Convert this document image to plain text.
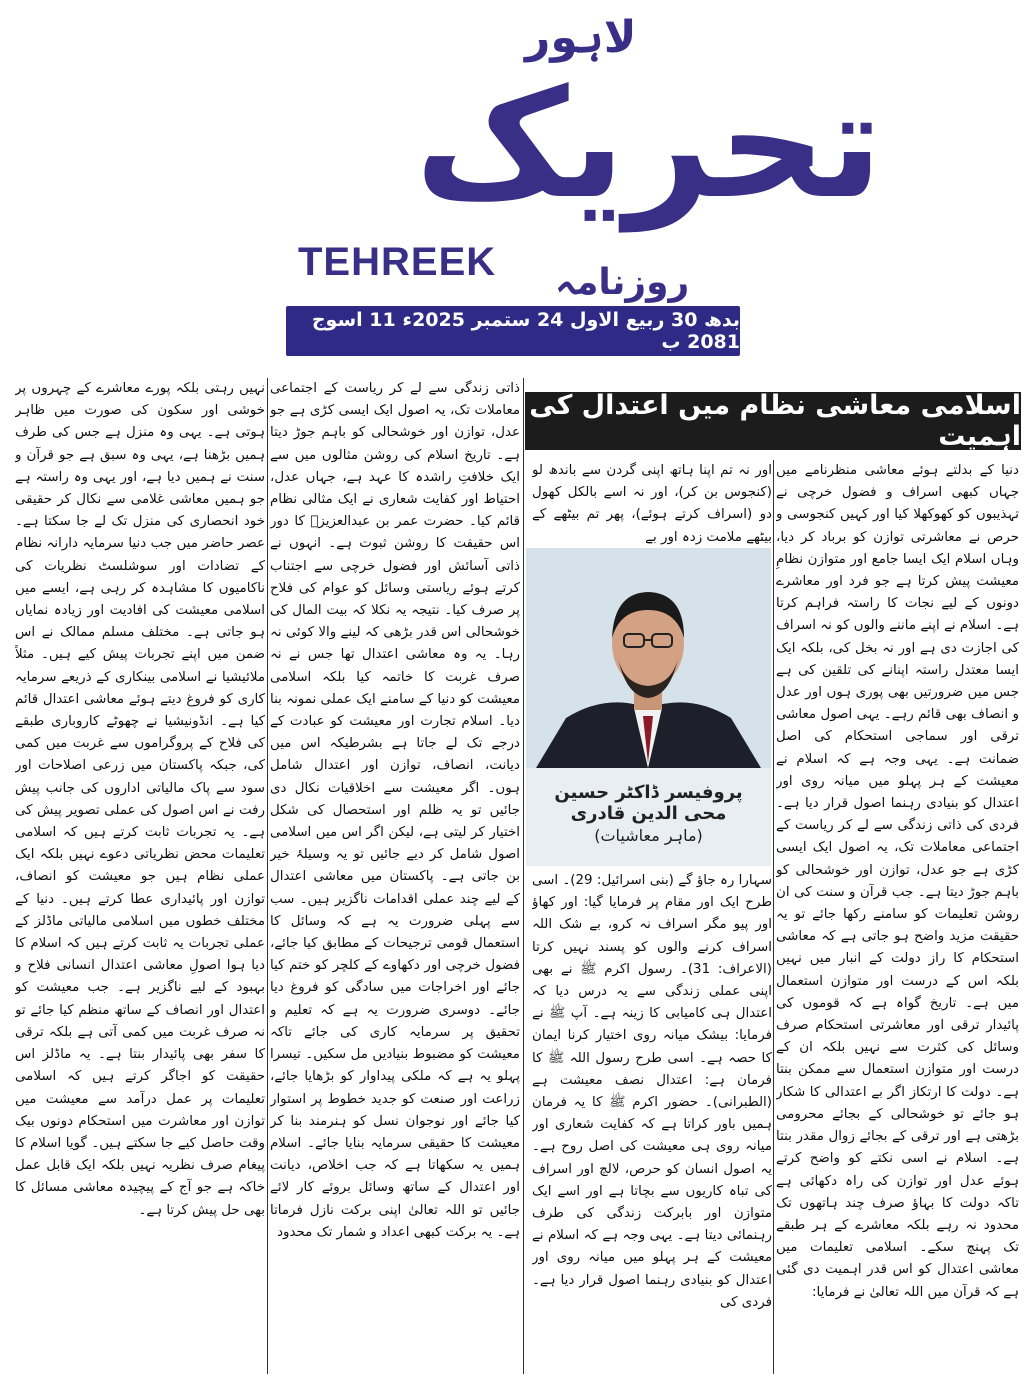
لاہور
تحریک
روزنامہ
TEHREEK
بدھ 30 ربیع الاول 24 ستمبر 2025ء 11 اسوج 2081 ب
اسلامی معاشی نظام میں اعتدال کی اہمیت

اور نہ تم اپنا ہاتھ اپنی گردن سے باندھ لو (کنجوس بن کر)، اور نہ اسے بالکل کھول دو (اسراف کرتے ہوئے)، پھر تم بیٹھے کے بیٹھے ملامت زدہ اور بے

پروفیسر ڈاکٹر حسین محی الدین قادری
(ماہر معاشیات)

دنیا کے بدلتے ہوئے معاشی منظرنامے میں جہاں کبھی اسراف و فضول خرچی نے تہذیبوں کو کھوکھلا کیا اور کہیں کنجوسی و حرص نے معاشرتی توازن کو برباد کر دیا، وہاں اسلام ایک ایسا جامع اور متوازن نظامِ معیشت پیش کرتا ہے جو فرد اور معاشرے دونوں کے لیے نجات کا راستہ فراہم کرتا ہے۔ اسلام نے اپنے ماننے والوں کو نہ اسراف کی اجازت دی ہے اور نہ بخل کی، بلکہ ایک ایسا معتدل راستہ اپنانے کی تلقین کی ہے جس میں ضرورتیں بھی پوری ہوں اور عدل و انصاف بھی قائم رہے۔ یہی اصول معاشی ترقی اور سماجی استحکام کی اصل ضمانت ہے۔ یہی وجہ ہے کہ اسلام نے معیشت کے ہر پہلو میں میانہ روی اور اعتدال کو بنیادی رہنما اصول قرار دیا ہے۔ فردی کی ذاتی زندگی سے لے کر ریاست کے اجتماعی معاملات تک، یہ اصول ایک ایسی کڑی ہے جو عدل، توازن اور خوشحالی کو باہم جوڑ دیتا ہے۔ جب قرآن و سنت کی ان روشن تعلیمات کو سامنے رکھا جائے تو یہ حقیقت مزید واضح ہو جاتی ہے کہ معاشی استحکام کا راز دولت کے انبار میں نہیں بلکہ اس کے درست اور متوازن استعمال میں ہے۔ تاریخ گواہ ہے کہ قوموں کی پائیدار ترقی اور معاشرتی استحکام صرف وسائل کی کثرت سے نہیں بلکہ ان کے درست اور متوازن استعمال سے ممکن بنتا ہے۔ دولت کا ارتکاز اگر بے اعتدالی کا شکار ہو جائے تو خوشحالی کے بجائے محرومی بڑھتی ہے اور ترقی کے بجائے زوال مقدر بنتا ہے۔ اسلام نے اسی نکتے کو واضح کرتے ہوئے عدل اور توازن کی راہ دکھائی ہے تاکہ دولت کا بہاؤ صرف چند ہاتھوں تک محدود نہ رہے بلکہ معاشرے کے ہر طبقے تک پہنچ سکے۔ اسلامی تعلیمات میں معاشی اعتدال کو اس قدر اہمیت دی گئی ہے کہ قرآن میں اللہ تعالیٰ نے فرمایا:

سہارا رہ جاؤ گے (بنی اسرائیل: 29)۔ اسی طرح ایک اور مقام پر فرمایا گیا: اور کھاؤ اور پیو مگر اسراف نہ کرو، بے شک اللہ اسراف کرنے والوں کو پسند نہیں کرتا (الاعراف: 31)۔ رسول اکرم ﷺ نے بھی اپنی عملی زندگی سے یہ درس دیا کہ اعتدال ہی کامیابی کا زینہ ہے۔ آپ ﷺ نے فرمایا: بیشک میانہ روی اختیار کرنا ایمان کا حصہ ہے۔ اسی طرح رسول اللہ ﷺ کا فرمان ہے: اعتدال نصف معیشت ہے (الطبرانی)۔ حضور اکرم ﷺ کا یہ فرمان ہمیں باور کراتا ہے کہ کفایت شعاری اور میانہ روی ہی معیشت کی اصل روح ہے۔ یہ اصول انسان کو حرص، لالچ اور اسراف کی تباہ کاریوں سے بچاتا ہے اور اسے ایک متوازن اور بابرکت زندگی کی طرف رہنمائی دیتا ہے۔ یہی وجہ ہے کہ اسلام نے معیشت کے ہر پہلو میں میانہ روی اور اعتدال کو بنیادی رہنما اصول قرار دیا ہے۔ فردی کی

ذاتی زندگی سے لے کر ریاست کے اجتماعی معاملات تک، یہ اصول ایک ایسی کڑی ہے جو عدل، توازن اور خوشحالی کو باہم جوڑ دیتا ہے۔ تاریخ اسلام کی روشن مثالوں میں سے ایک خلافتِ راشدہ کا عہد ہے، جہاں عدل، احتیاط اور کفایت شعاری نے ایک مثالی نظام قائم کیا۔ حضرت عمر بن عبدالعزیزؒ کا دور اس حقیقت کا روشن ثبوت ہے۔ انہوں نے ذاتی آسائش اور فضول خرچی سے اجتناب کرتے ہوئے ریاستی وسائل کو عوام کی فلاح پر صرف کیا۔ نتیجہ یہ نکلا کہ بیت المال کی خوشحالی اس قدر بڑھی کہ لینے والا کوئی نہ رہا۔ یہ وہ معاشی اعتدال تھا جس نے نہ صرف غربت کا خاتمہ کیا بلکہ اسلامی معیشت کو دنیا کے سامنے ایک عملی نمونہ بنا دیا۔ اسلام تجارت اور معیشت کو عبادت کے درجے تک لے جاتا ہے بشرطیکہ اس میں دیانت، انصاف، توازن اور اعتدال شامل ہوں۔ اگر معیشت سے اخلاقیات نکال دی جائیں تو یہ ظلم اور استحصال کی شکل اختیار کر لیتی ہے، لیکن اگر اس میں اسلامی اصول شامل کر دیے جائیں تو یہ وسیلۂ خیر بن جاتی ہے۔ پاکستان میں معاشی اعتدال کے لیے چند عملی اقدامات ناگزیر ہیں۔ سب سے پہلی ضرورت یہ ہے کہ وسائل کا استعمال قومی ترجیحات کے مطابق کیا جائے، فضول خرچی اور دکھاوے کے کلچر کو ختم کیا جائے اور اخراجات میں سادگی کو فروغ دیا جائے۔ دوسری ضرورت یہ ہے کہ تعلیم و تحقیق پر سرمایہ کاری کی جائے تاکہ معیشت کو مضبوط بنیادیں مل سکیں۔ تیسرا پہلو یہ ہے کہ ملکی پیداوار کو بڑھایا جائے، زراعت اور صنعت کو جدید خطوط پر استوار کیا جائے اور نوجوان نسل کو ہنرمند بنا کر معیشت کا حقیقی سرمایہ بنایا جائے۔ اسلام ہمیں یہ سکھاتا ہے کہ جب اخلاص، دیانت اور اعتدال کے ساتھ وسائل بروئے کار لائے جائیں تو اللہ تعالیٰ اپنی برکت نازل فرماتا ہے۔ یہ برکت کبھی اعداد و شمار تک محدود

نہیں رہتی بلکہ پورے معاشرے کے چہروں پر خوشی اور سکون کی صورت میں ظاہر ہوتی ہے۔ یہی وہ منزل ہے جس کی طرف ہمیں بڑھنا ہے، یہی وہ سبق ہے جو قرآن و سنت نے ہمیں دیا ہے، اور یہی وہ راستہ ہے جو ہمیں معاشی غلامی سے نکال کر حقیقی خود انحصاری کی منزل تک لے جا سکتا ہے۔ عصر حاضر میں جب دنیا سرمایہ دارانہ نظام کے تضادات اور سوشلسٹ نظریات کی ناکامیوں کا مشاہدہ کر رہی ہے، ایسے میں اسلامی معیشت کی افادیت اور زیادہ نمایاں ہو جاتی ہے۔ مختلف مسلم ممالک نے اس ضمن میں اپنے تجربات پیش کیے ہیں۔ مثلاً ملائیشیا نے اسلامی بینکاری کے ذریعے سرمایہ کاری کو فروغ دیتے ہوئے معاشی اعتدال قائم کیا ہے۔ انڈونیشیا نے چھوٹے کاروباری طبقے کی فلاح کے پروگراموں سے غربت میں کمی کی، جبکہ پاکستان میں زرعی اصلاحات اور سود سے پاک مالیاتی اداروں کی جانب پیش رفت نے اس اصول کی عملی تصویر پیش کی ہے۔ یہ تجربات ثابت کرتے ہیں کہ اسلامی تعلیمات محض نظریاتی دعوے نہیں بلکہ ایک عملی نظام ہیں جو معیشت کو انصاف، توازن اور پائیداری عطا کرتے ہیں۔ دنیا کے مختلف خطوں میں اسلامی مالیاتی ماڈلز کے عملی تجربات یہ ثابت کرتے ہیں کہ اسلام کا دیا ہوا اصولِ معاشی اعتدال انسانی فلاح و بہبود کے لیے ناگزیر ہے۔ جب معیشت کو اعتدال اور انصاف کے ساتھ منظم کیا جائے تو نہ صرف غربت میں کمی آتی ہے بلکہ ترقی کا سفر بھی پائیدار بنتا ہے۔ یہ ماڈلز اس حقیقت کو اجاگر کرتے ہیں کہ اسلامی تعلیمات پر عمل درآمد سے معیشت میں توازن اور معاشرت میں استحکام دونوں بیک وقت حاصل کیے جا سکتے ہیں۔ گویا اسلام کا پیغام صرف نظریہ نہیں بلکہ ایک قابل عمل خاکہ ہے جو آج کے پیچیدہ معاشی مسائل کا بھی حل پیش کرتا ہے۔
